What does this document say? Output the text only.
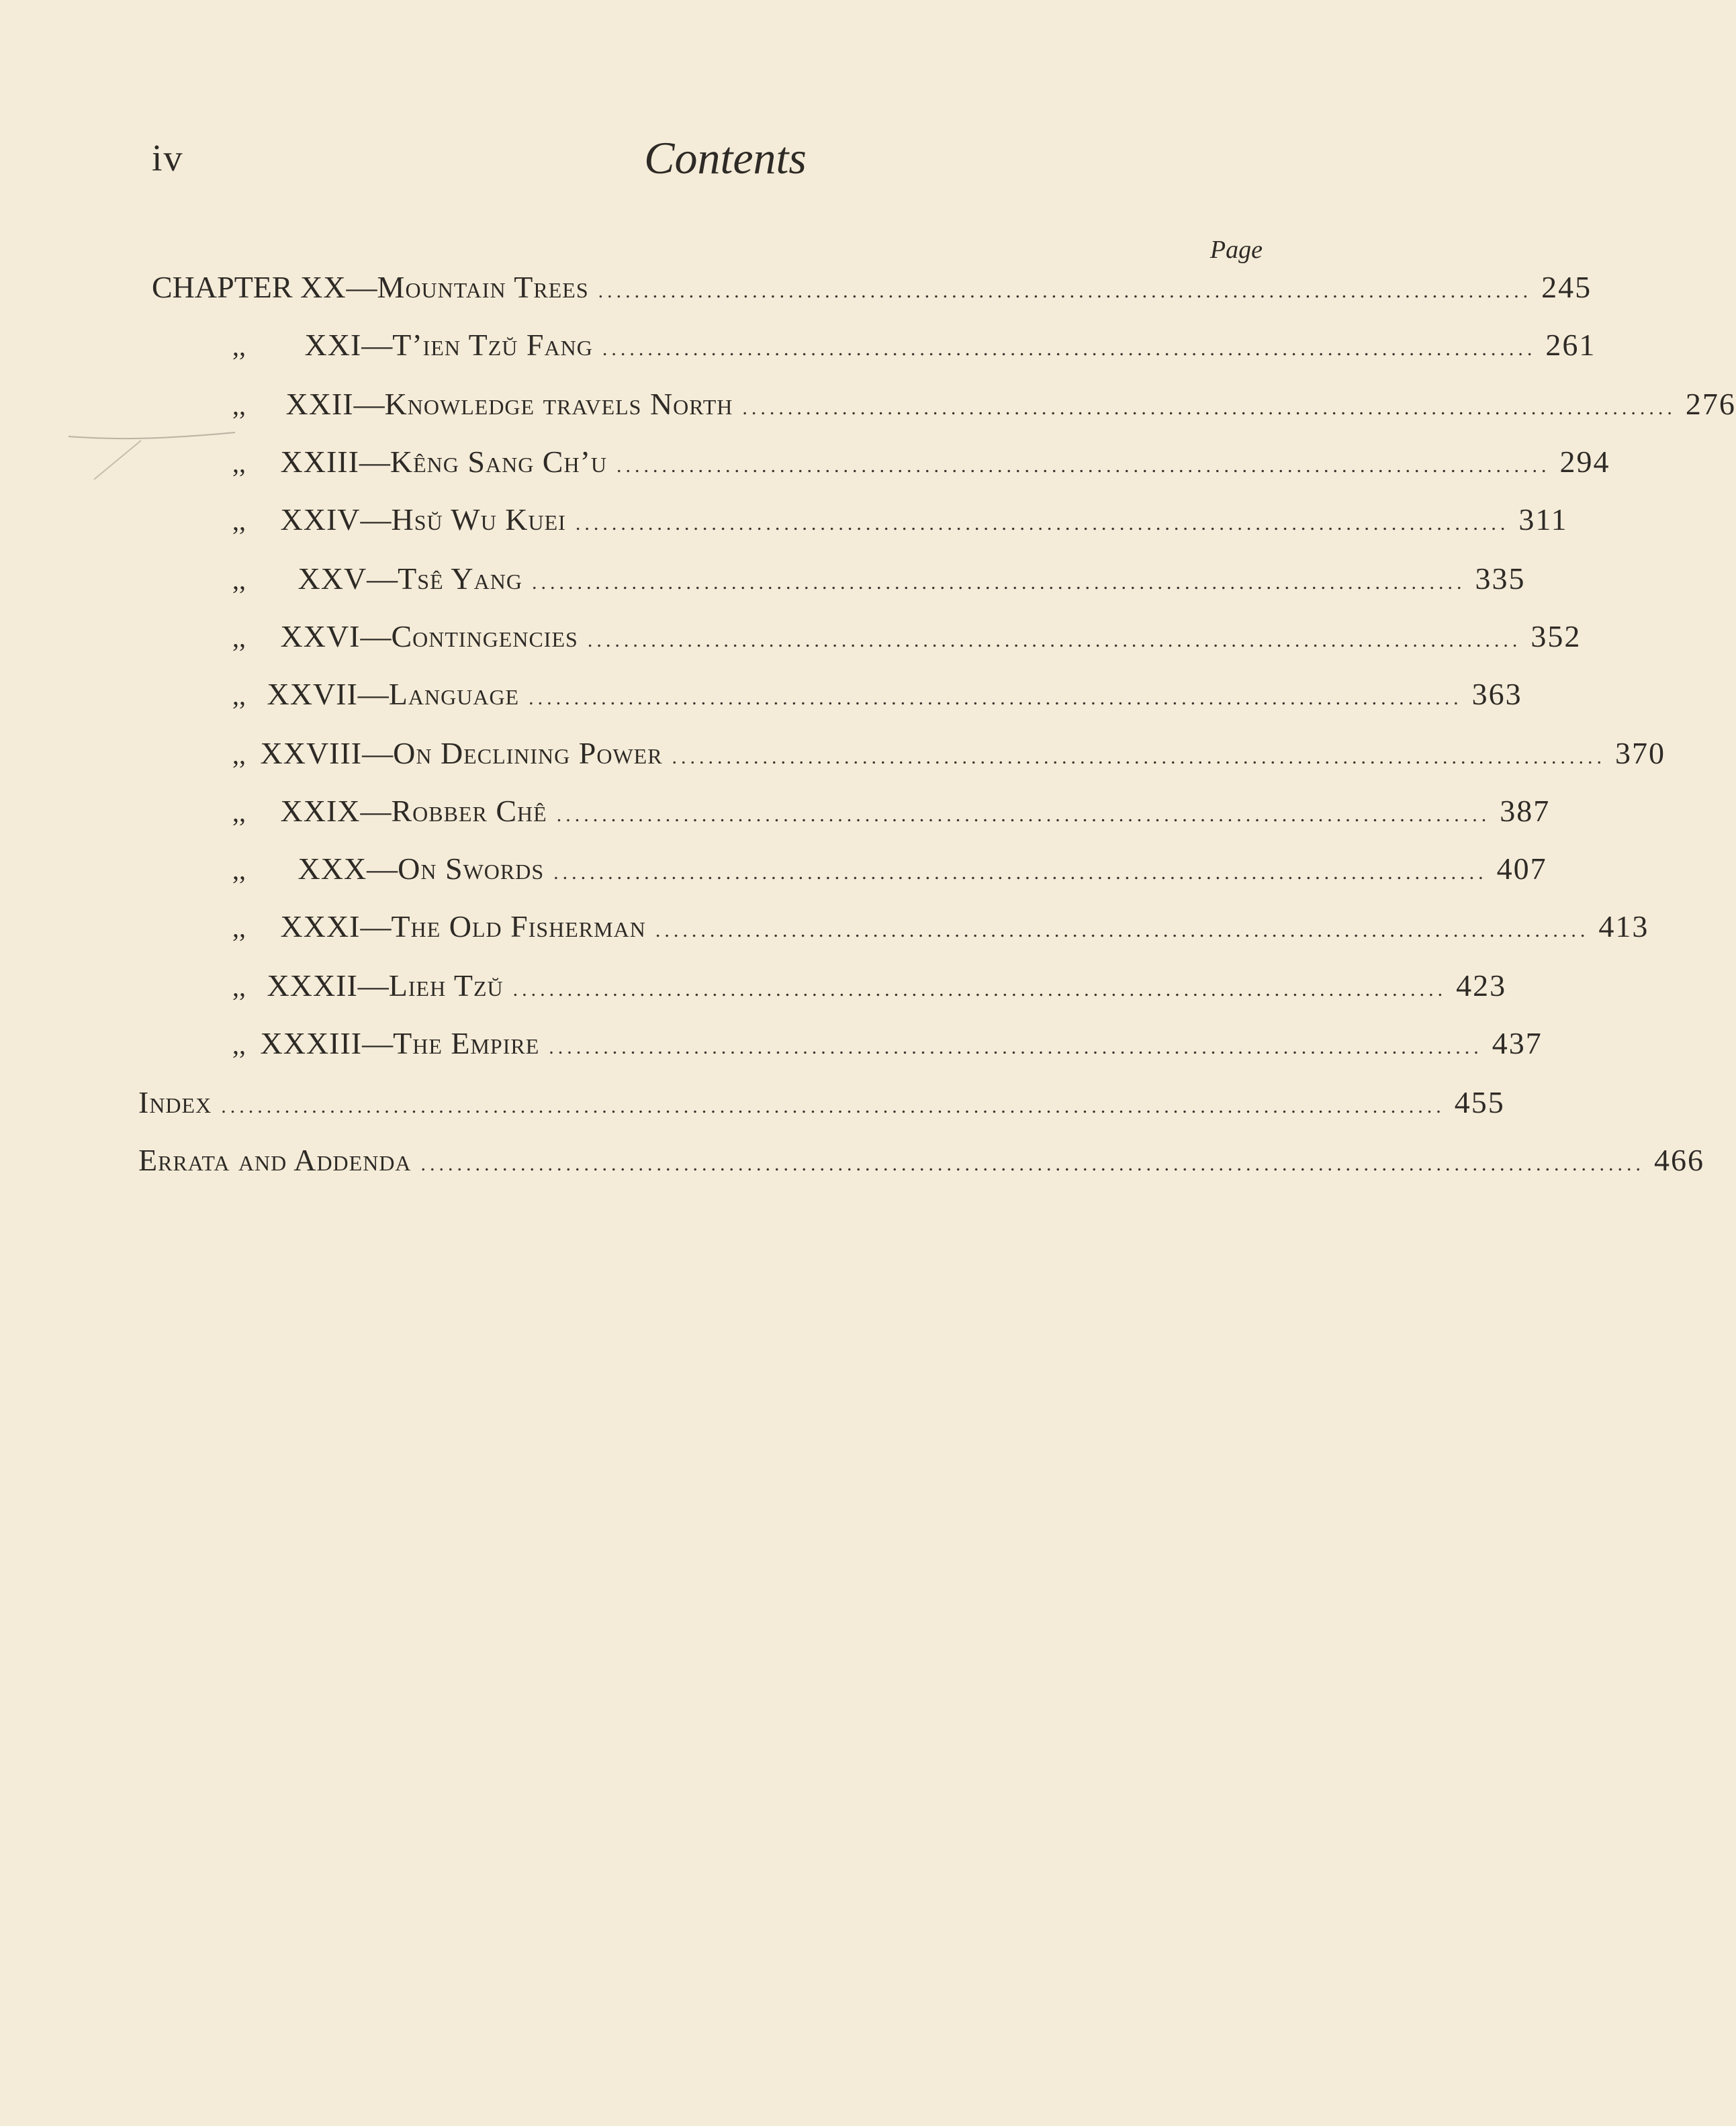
iv	Contents
Page
CHAPTER XX—Mountain Trees ....................................................................................................... 245
,, XXI—T’ien Tzŭ Fang ....................................................................................................... 261
,, XXII—Knowledge travels North ....................................................................................................... 276
,, XXIII—Kêng Sang Ch’u ....................................................................................................... 294
,, XXIV—Hsŭ Wu Kuei ....................................................................................................... 311
,, XXV—Tsê Yang ....................................................................................................... 335
,, XXVI—Contingencies ....................................................................................................... 352
,, XXVII—Language ....................................................................................................... 363
,, XXVIII—On Declining Power ....................................................................................................... 370
,, XXIX—Robber Chê ....................................................................................................... 387
,, XXX—On Swords ....................................................................................................... 407
,, XXXI—The Old Fisherman ....................................................................................................... 413
,, XXXII—Lieh Tzŭ ....................................................................................................... 423
,, XXXIII—The Empire ....................................................................................................... 437
Index ....................................................................................................................................... 455
Errata and Addenda ....................................................................................................................................... 466
